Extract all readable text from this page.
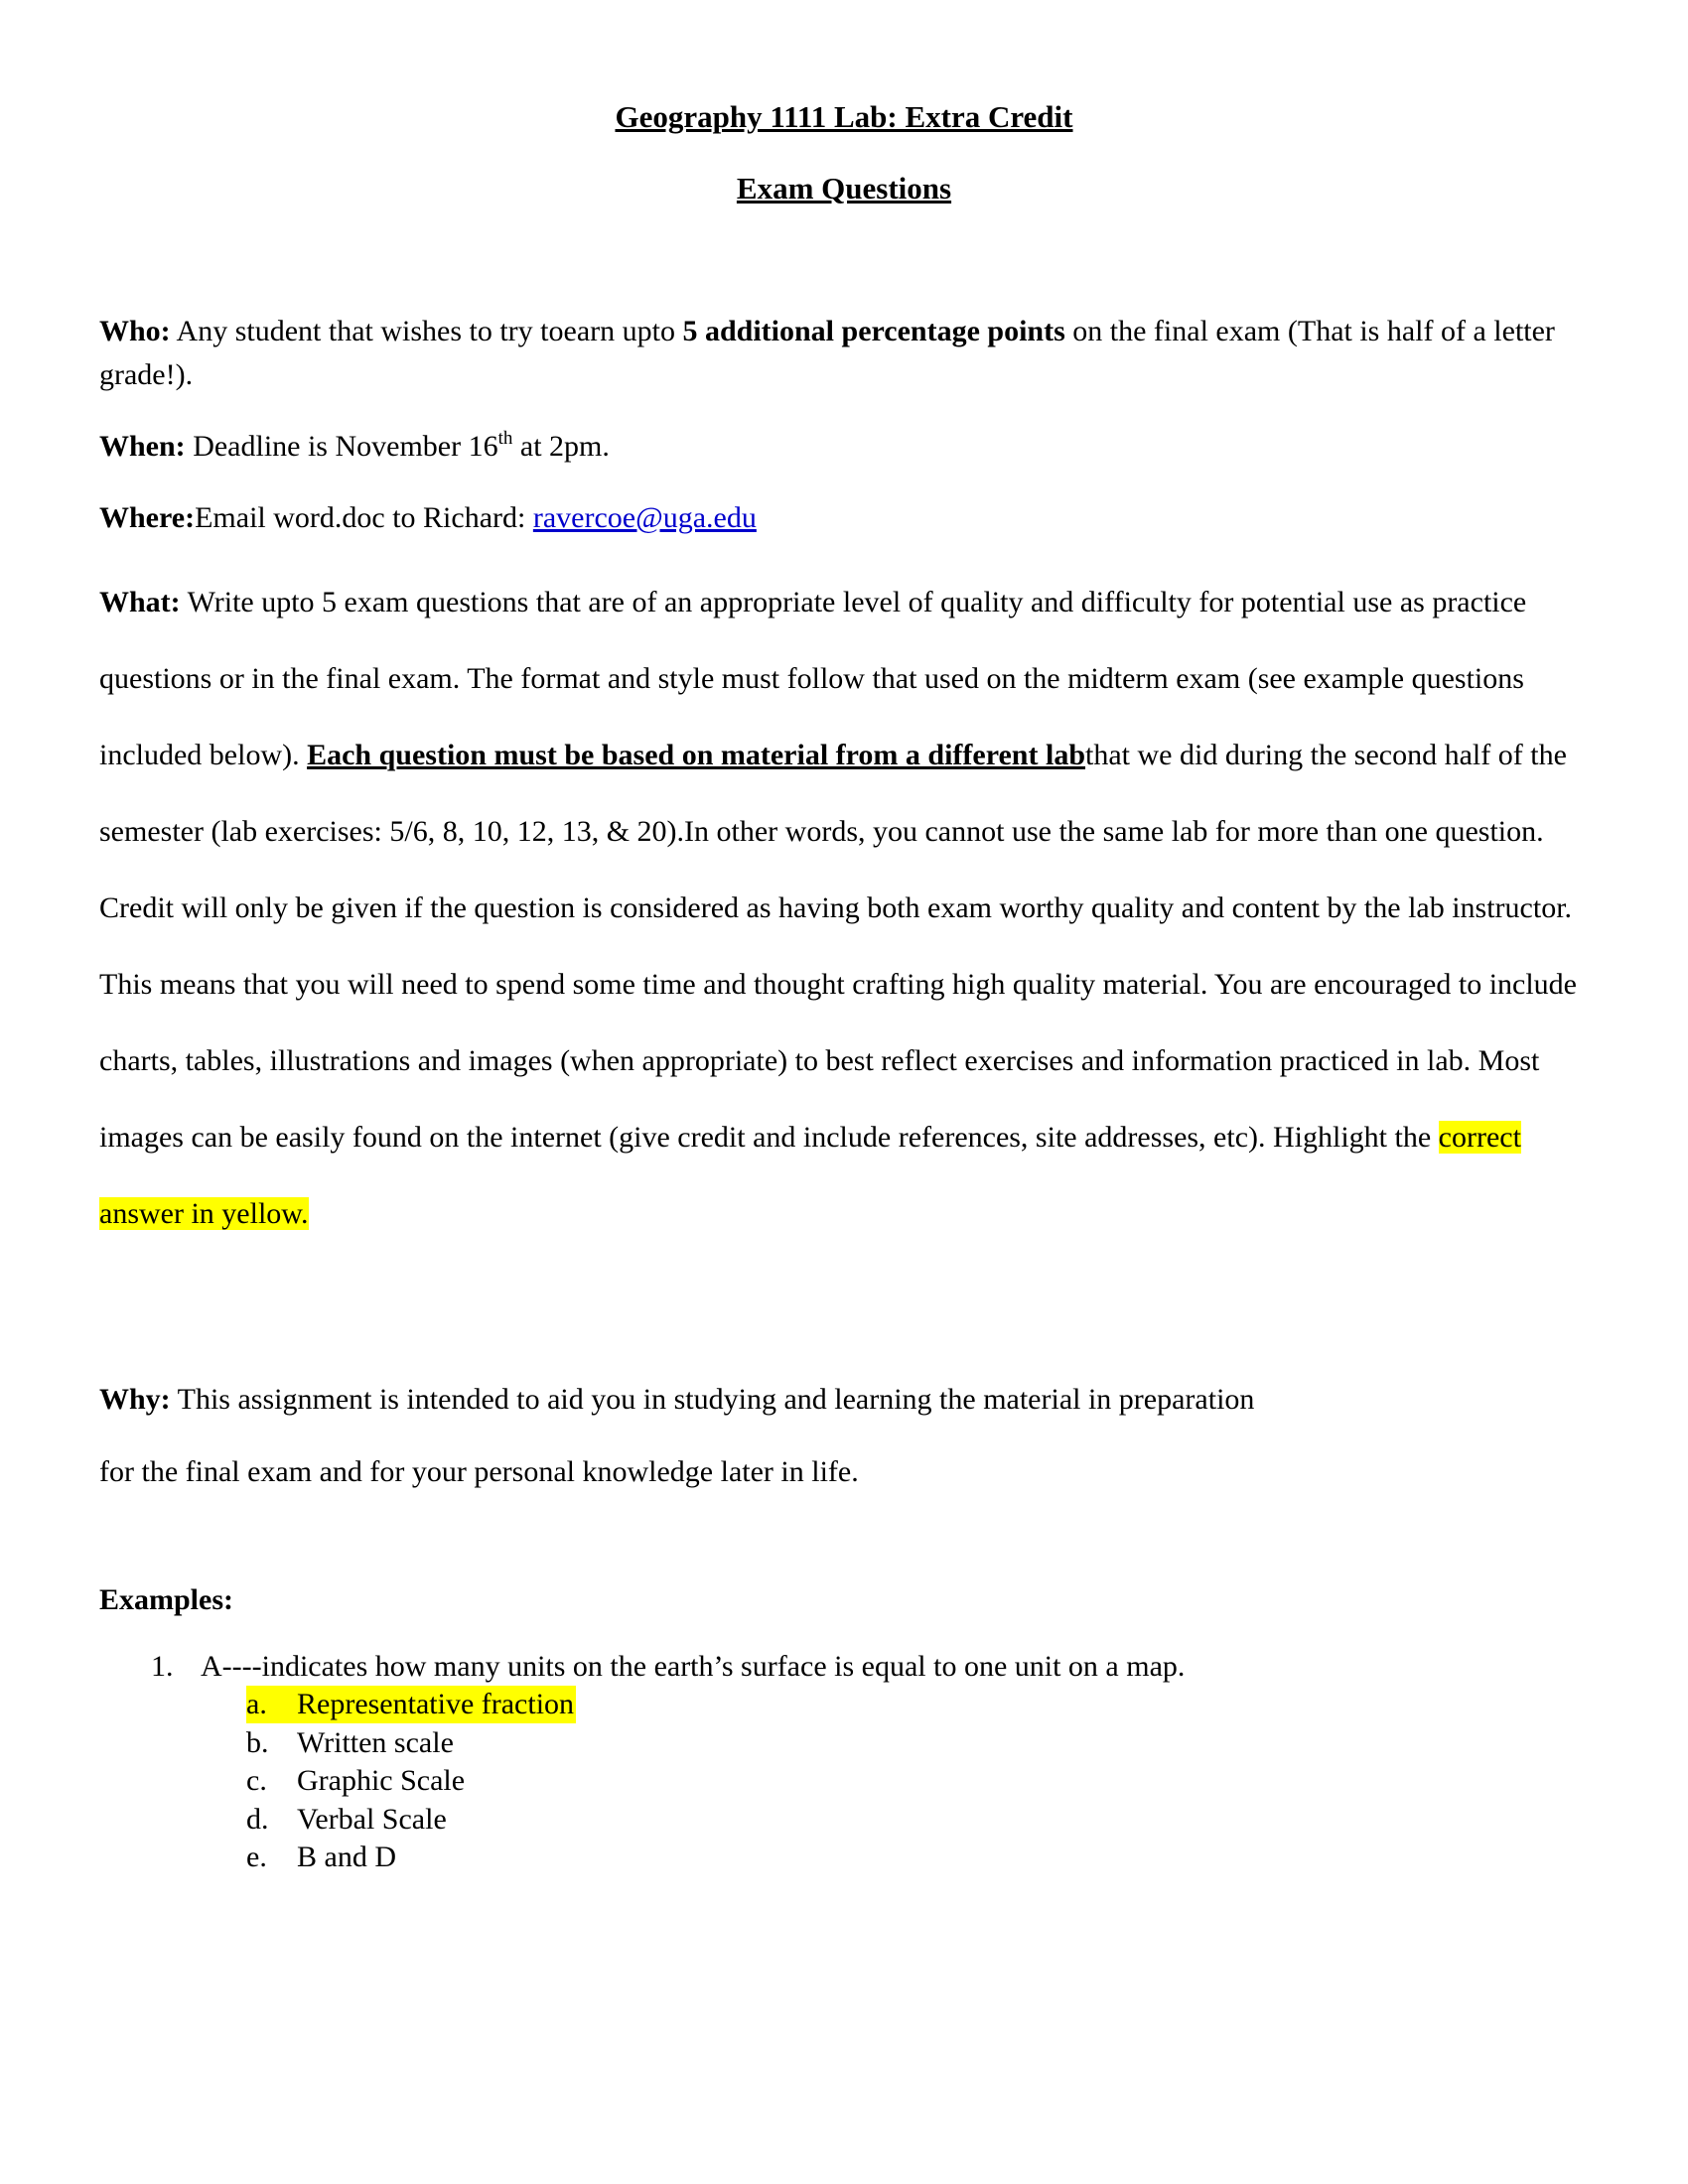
Geography 1111 Lab: Extra Credit
Exam Questions
Who: Any student that wishes to try toearn upto 5 additional percentage points on the final exam (That is half of a letter grade!).
When: Deadline is November 16th at 2pm.
Where:Email word.doc to Richard: ravercoe@uga.edu
What: Write upto 5 exam questions that are of an appropriate level of quality and difficulty for potential use as practice questions or in the final exam. The format and style must follow that used on the midterm exam (see example questions included below). Each question must be based on material from a different labthat we did during the second half of the semester (lab exercises: 5/6, 8, 10, 12, 13, & 20).In other words, you cannot use the same lab for more than one question. Credit will only be given if the question is considered as having both exam worthy quality and content by the lab instructor. This means that you will need to spend some time and thought crafting high quality material. You are encouraged to include charts, tables, illustrations and images (when appropriate) to best reflect exercises and information practiced in lab. Most images can be easily found on the internet (give credit and include references, site addresses, etc). Highlight the correct answer in yellow.
Why: This assignment is intended to aid you in studying and learning the material in preparation
for the final exam and for your personal knowledge later in life.
Examples:
1. A----indicates how many units on the earth’s surface is equal to one unit on a map.
a. Representative fraction
b. Written scale
c. Graphic Scale
d. Verbal Scale
e. B and D
